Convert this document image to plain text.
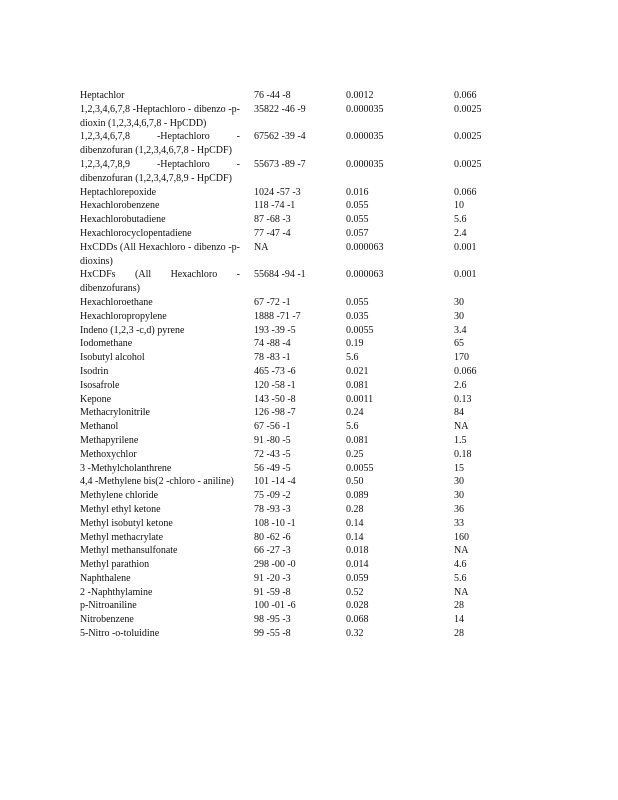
Heptachlor	76 -44 -8	0.0012	0.066

1,2,3,4,6,7,8 -Heptachloro - dibenzo -p-dioxin (1,2,3,4,6,7,8 - HpCDD)	35822 -46 -9	0.000035	0.0025

1,2,3,4,6,7,8 -Heptachloro - dibenzofuran (1,2,3,4,6,7,8 - HpCDF)	67562 -39 -4	0.000035	0.0025

1,2,3,4,7,8,9 -Heptachloro - dibenzofuran (1,2,3,4,7,8,9 - HpCDF)	55673 -89 -7	0.000035	0.0025

Heptachlorepoxide	1024 -57 -3	0.016	0.066

Hexachlorobenzene	118 -74 -1	0.055	10

Hexachlorobutadiene	87 -68 -3	0.055	5.6

Hexachlorocyclopentadiene	77 -47 -4	0.057	2.4

HxCDDs (All Hexachloro - dibenzo -p-dioxins)	NA	0.000063	0.001

HxCDFs (All Hexachloro - dibenzofurans)	55684 -94 -1	0.000063	0.001

Hexachloroethane	67 -72 -1	0.055	30

Hexachloropropylene	1888 -71 -7	0.035	30

Indeno (1,2,3 -c,d) pyrene	193 -39 -5	0.0055	3.4

Iodomethane	74 -88 -4	0.19	65

Isobutyl alcohol	78 -83 -1	5.6	170

Isodrin	465 -73 -6	0.021	0.066

Isosafrole	120 -58 -1	0.081	2.6

Kepone	143 -50 -8	0.0011	0.13

Methacrylonitrile	126 -98 -7	0.24	84

Methanol	67 -56 -1	5.6	NA

Methapyrilene	91 -80 -5	0.081	1.5

Methoxychlor	72 -43 -5	0.25	0.18

3 -Methylcholanthrene	56 -49 -5	0.0055	15

4,4 -Methylene bis(2 -chloro - aniline)	101 -14 -4	0.50	30

Methylene chloride	75 -09 -2	0.089	30

Methyl ethyl ketone	78 -93 -3	0.28	36

Methyl isobutyl ketone	108 -10 -1	0.14	33

Methyl methacrylate	80 -62 -6	0.14	160

Methyl methansulfonate	66 -27 -3	0.018	NA

Methyl parathion	298 -00 -0	0.014	4.6

Naphthalene	91 -20 -3	0.059	5.6

2 -Naphthylamine	91 -59 -8	0.52	NA

p-Nitroaniline	100 -01 -6	0.028	28

Nitrobenzene	98 -95 -3	0.068	14

5-Nitro -o-toluidine	99 -55 -8	0.32	28
